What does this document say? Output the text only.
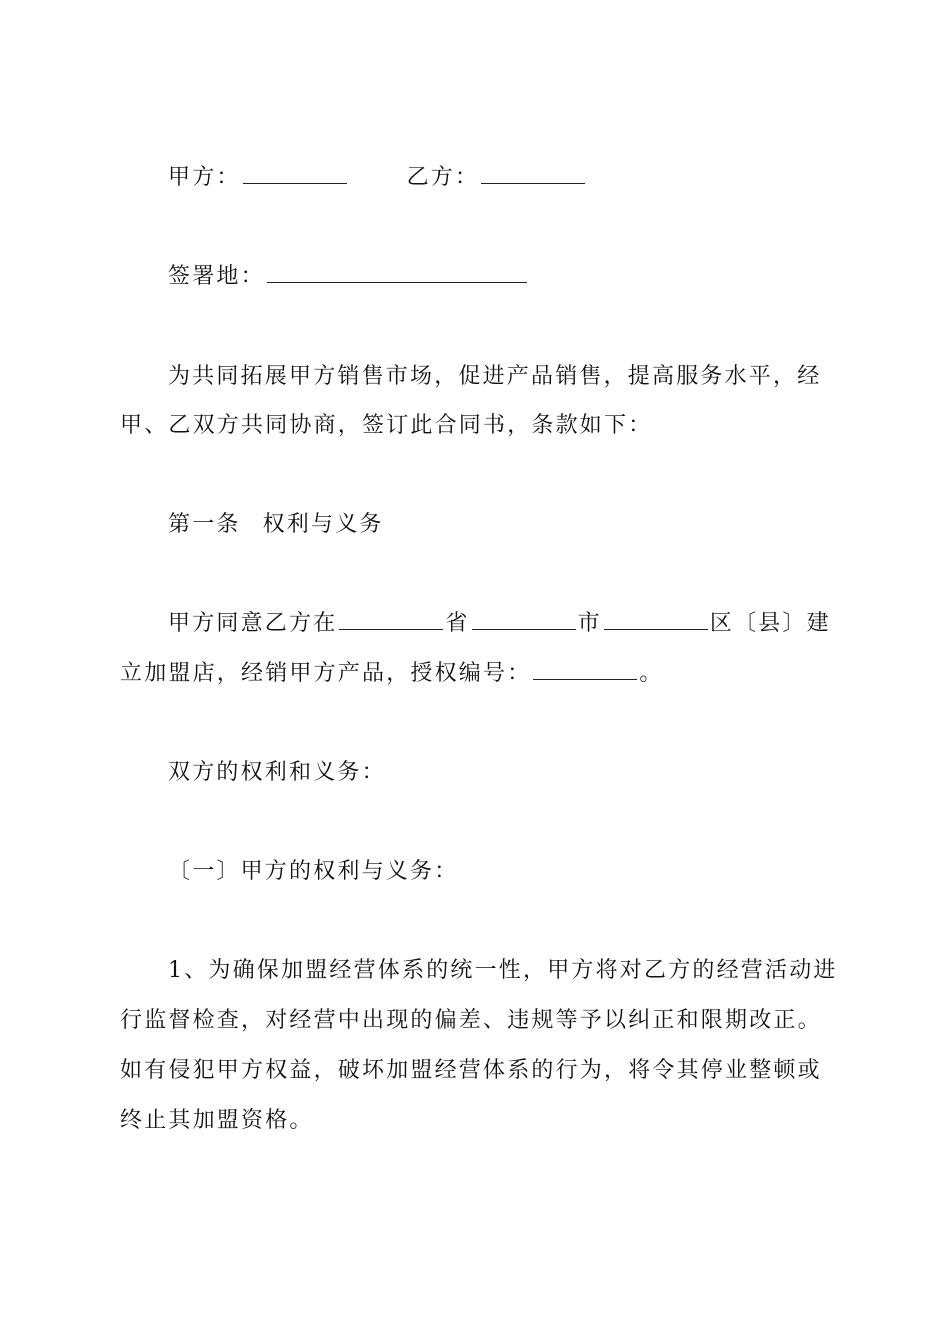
甲方：	乙方：
签署地：
为共同拓展甲方销售市场，促进产品销售，提高服务水平，经
甲、乙双方共同协商，签订此合同书，条款如下：
第一条 权利与义务
甲方同意乙方在	省	市	区〔县〕建
立加盟店，经销甲方产品，授权编号：	。
双方的权利和义务：
〔一〕甲方的权利与义务：
1、为确保加盟经营体系的统一性，甲方将对乙方的经营活动进
行监督检查，对经营中出现的偏差、违规等予以纠正和限期改正。
如有侵犯甲方权益，破坏加盟经营体系的行为，将令其停业整顿或
终止其加盟资格。
